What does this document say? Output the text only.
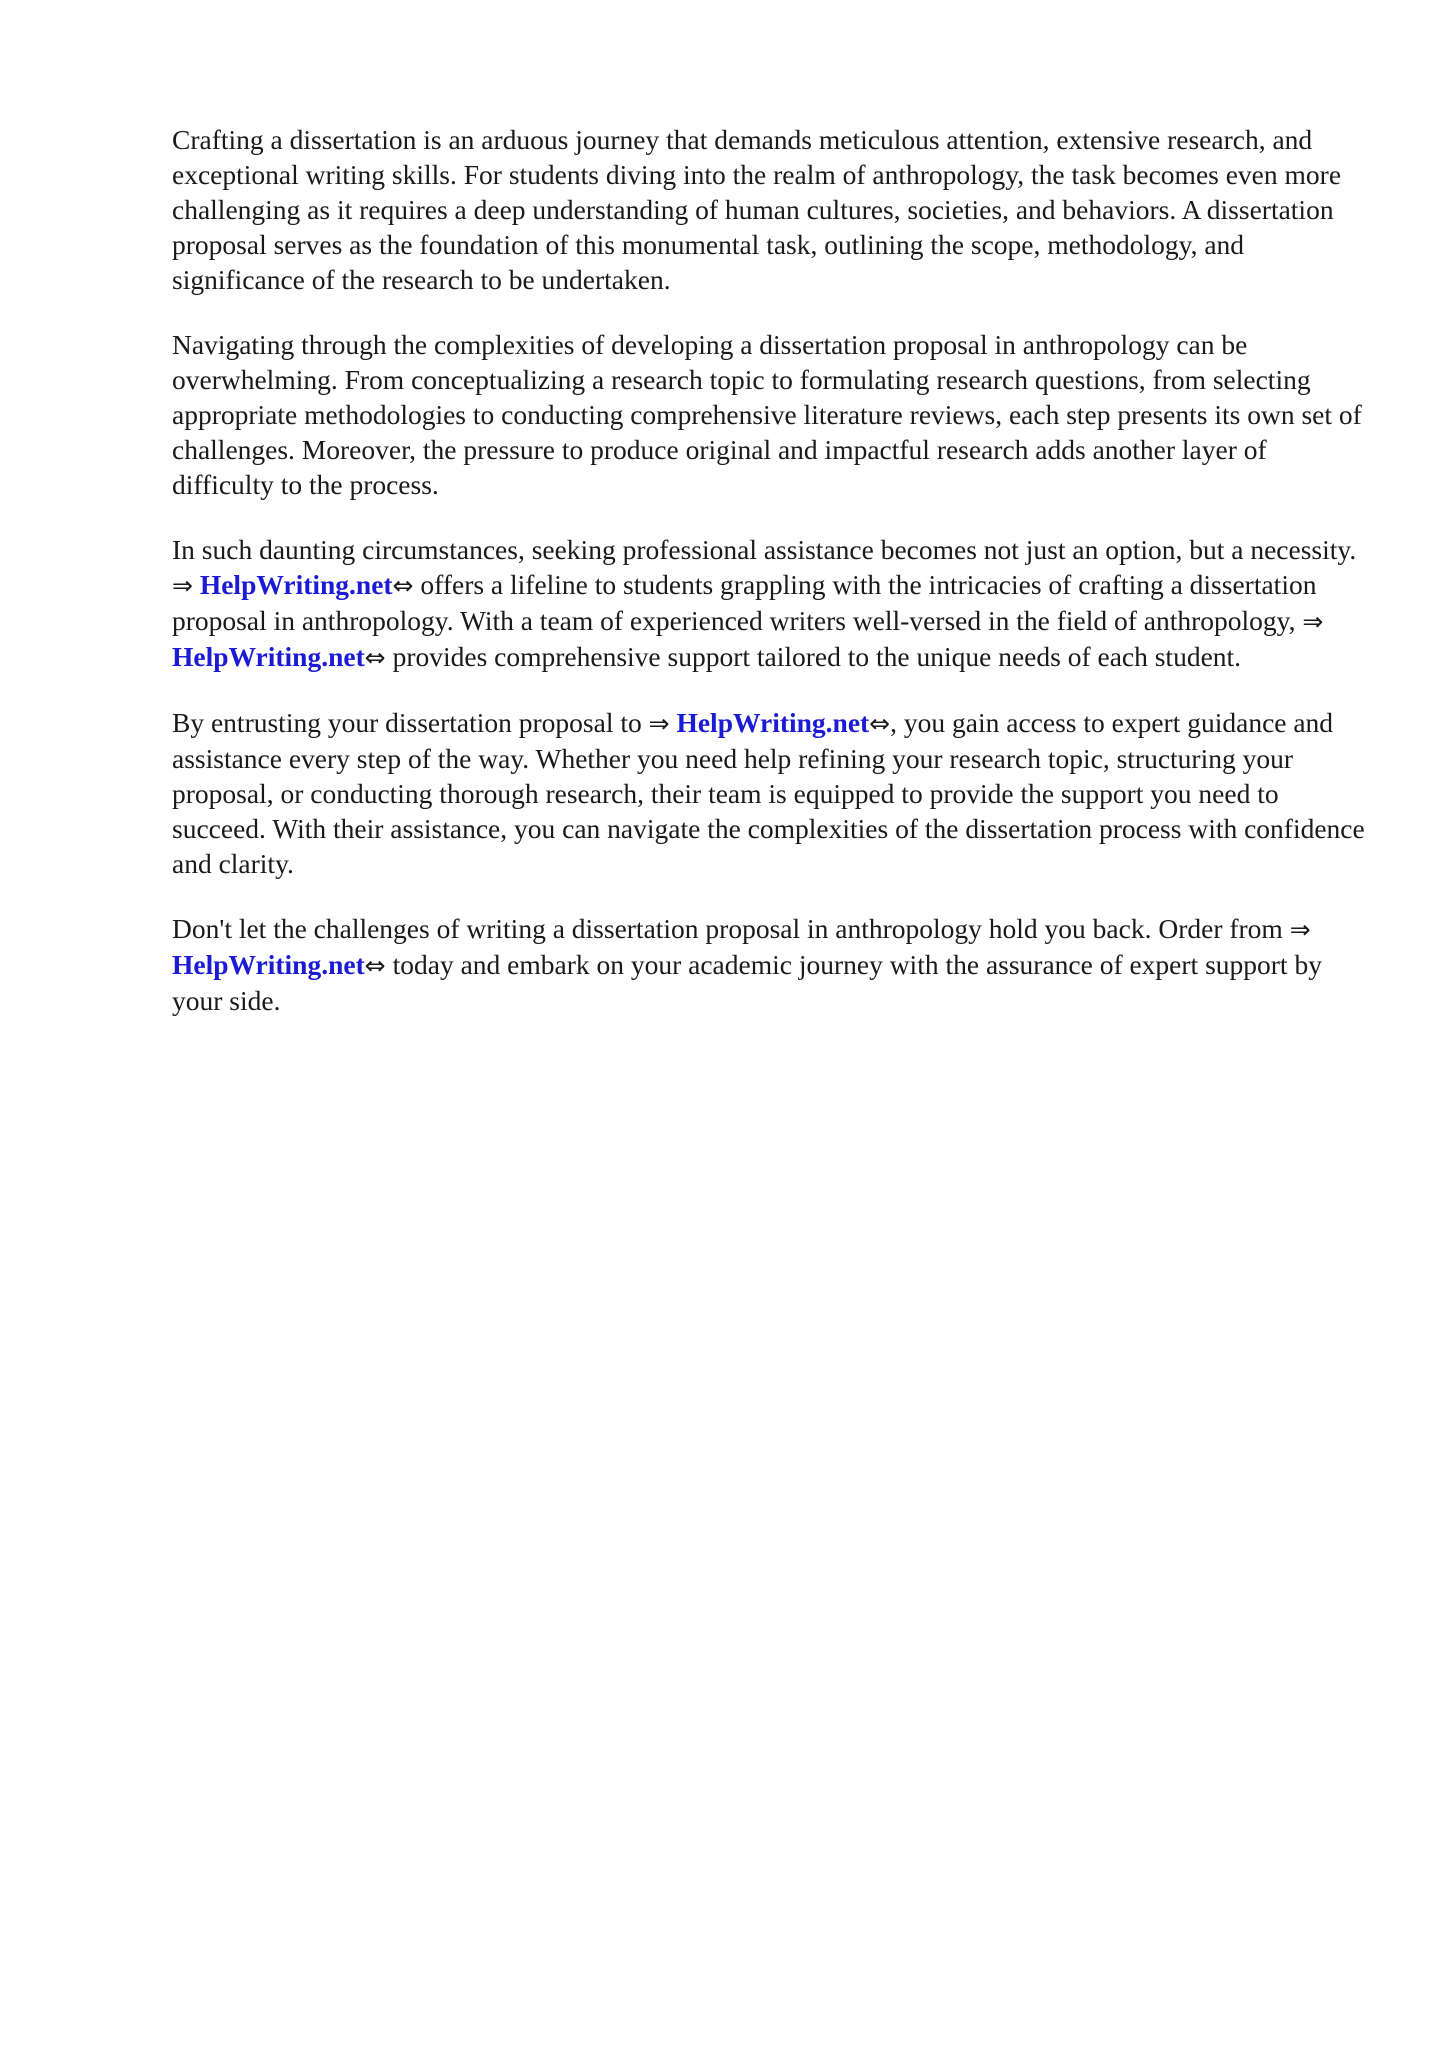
Crafting a dissertation is an arduous journey that demands meticulous attention, extensive research, and exceptional writing skills. For students diving into the realm of anthropology, the task becomes even more challenging as it requires a deep understanding of human cultures, societies, and behaviors. A dissertation proposal serves as the foundation of this monumental task, outlining the scope, methodology, and significance of the research to be undertaken.

Navigating through the complexities of developing a dissertation proposal in anthropology can be overwhelming. From conceptualizing a research topic to formulating research questions, from selecting appropriate methodologies to conducting comprehensive literature reviews, each step presents its own set of challenges. Moreover, the pressure to produce original and impactful research adds another layer of difficulty to the process.

In such daunting circumstances, seeking professional assistance becomes not just an option, but a necessity. ⇒ HelpWriting.net⇔ offers a lifeline to students grappling with the intricacies of crafting a dissertation proposal in anthropology. With a team of experienced writers well-versed in the field of anthropology, ⇒ HelpWriting.net⇔ provides comprehensive support tailored to the unique needs of each student.

By entrusting your dissertation proposal to ⇒ HelpWriting.net⇔, you gain access to expert guidance and assistance every step of the way. Whether you need help refining your research topic, structuring your proposal, or conducting thorough research, their team is equipped to provide the support you need to succeed. With their assistance, you can navigate the complexities of the dissertation process with confidence and clarity.

Don't let the challenges of writing a dissertation proposal in anthropology hold you back. Order from ⇒ HelpWriting.net⇔ today and embark on your academic journey with the assurance of expert support by your side.
